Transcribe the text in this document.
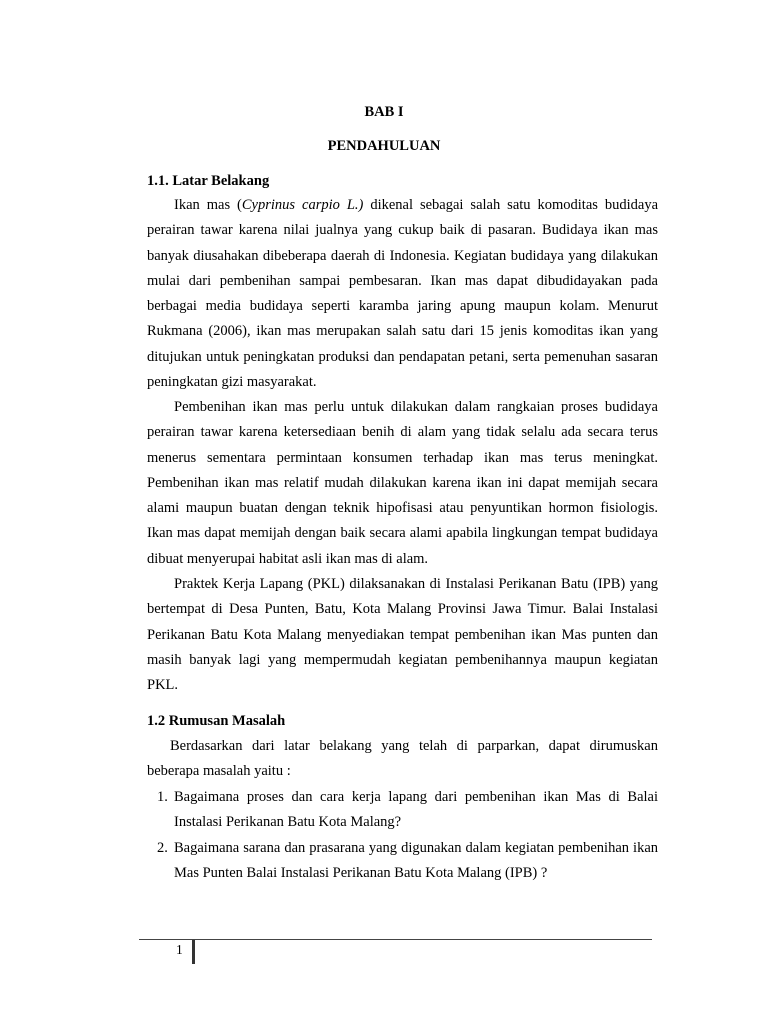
BAB I
PENDAHULUAN
1.1. Latar Belakang

Ikan mas (Cyprinus carpio L.) dikenal sebagai salah satu komoditas budidaya perairan tawar karena nilai jualnya yang cukup baik di pasaran. Budidaya ikan mas banyak diusahakan dibeberapa daerah di Indonesia. Kegiatan budidaya yang dilakukan mulai dari pembenihan sampai pembesaran. Ikan mas dapat dibudidayakan pada berbagai media budidaya seperti karamba jaring apung maupun kolam. Menurut Rukmana (2006), ikan mas merupakan salah satu dari 15 jenis komoditas ikan yang ditujukan untuk peningkatan produksi dan pendapatan petani, serta pemenuhan sasaran peningkatan gizi masyarakat.

Pembenihan ikan mas perlu untuk dilakukan dalam rangkaian proses budidaya perairan tawar karena ketersediaan benih di alam yang tidak selalu ada secara terus menerus sementara permintaan konsumen terhadap ikan mas terus meningkat. Pembenihan ikan mas relatif mudah dilakukan karena ikan ini dapat memijah secara alami maupun buatan dengan teknik hipofisasi atau penyuntikan hormon fisiologis. Ikan mas dapat memijah dengan baik secara alami apabila lingkungan tempat budidaya dibuat menyerupai habitat asli ikan mas di alam.

Praktek Kerja Lapang (PKL) dilaksanakan di Instalasi Perikanan Batu (IPB) yang bertempat di Desa Punten, Batu, Kota Malang Provinsi Jawa Timur. Balai Instalasi Perikanan Batu Kota Malang menyediakan tempat pembenihan ikan Mas punten dan masih banyak lagi yang mempermudah kegiatan pembenihannya maupun kegiatan PKL.

1.2 Rumusan Masalah

Berdasarkan dari latar belakang yang telah di parparkan, dapat dirumuskan beberapa masalah yaitu :

1. Bagaimana proses dan cara kerja lapang dari pembenihan ikan Mas di Balai Instalasi Perikanan Batu Kota Malang?
2. Bagaimana sarana dan prasarana yang digunakan dalam kegiatan pembenihan ikan Mas Punten Balai Instalasi Perikanan Batu Kota Malang (IPB) ?
1
